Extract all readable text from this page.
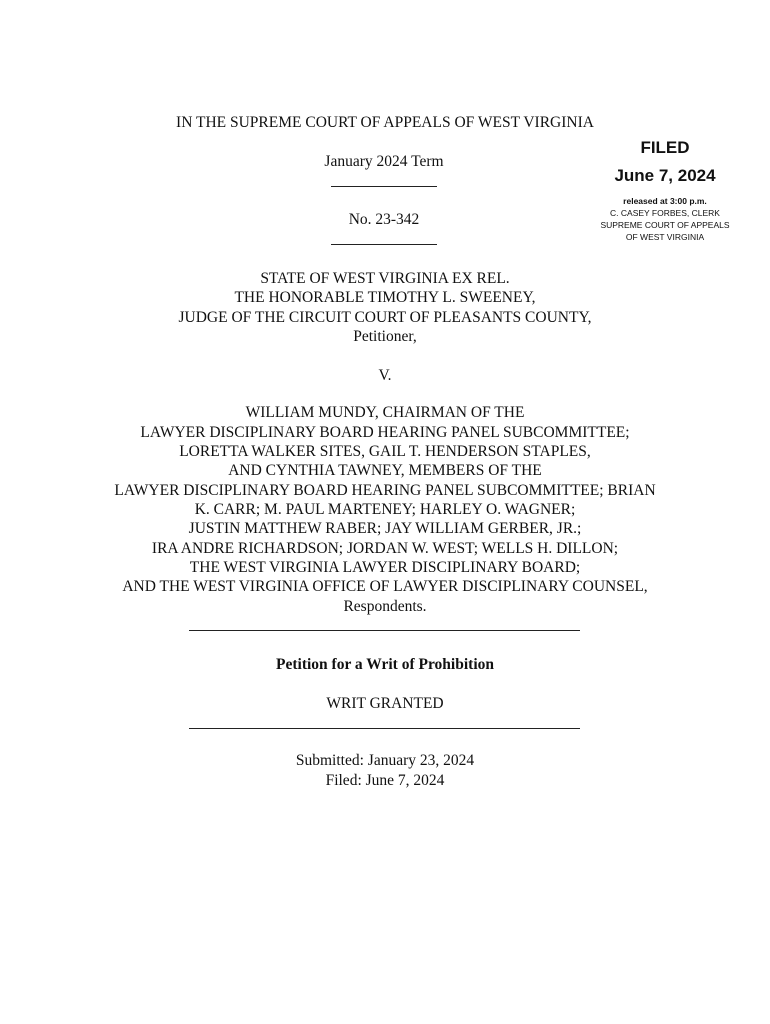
IN THE SUPREME COURT OF APPEALS OF WEST VIRGINIA
January 2024 Term
No. 23-342
FILED
June 7, 2024
released at 3:00 p.m.
C. CASEY FORBES, CLERK
SUPREME COURT OF APPEALS
OF WEST VIRGINIA
STATE OF WEST VIRGINIA EX REL.
THE HONORABLE TIMOTHY L. SWEENEY,
JUDGE OF THE CIRCUIT COURT OF PLEASANTS COUNTY,
Petitioner,
V.
WILLIAM MUNDY, CHAIRMAN OF THE
LAWYER DISCIPLINARY BOARD HEARING PANEL SUBCOMMITTEE;
LORETTA WALKER SITES, GAIL T. HENDERSON STAPLES,
AND CYNTHIA TAWNEY, MEMBERS OF THE
LAWYER DISCIPLINARY BOARD HEARING PANEL SUBCOMMITTEE; BRIAN
K. CARR; M. PAUL MARTENEY; HARLEY O. WAGNER;
JUSTIN MATTHEW RABER; JAY WILLIAM GERBER, JR.;
IRA ANDRE RICHARDSON; JORDAN W. WEST; WELLS H. DILLON;
THE WEST VIRGINIA LAWYER DISCIPLINARY BOARD;
AND THE WEST VIRGINIA OFFICE OF LAWYER DISCIPLINARY COUNSEL,
Respondents.
Petition for a Writ of Prohibition
WRIT GRANTED
Submitted: January 23, 2024
Filed: June 7, 2024
